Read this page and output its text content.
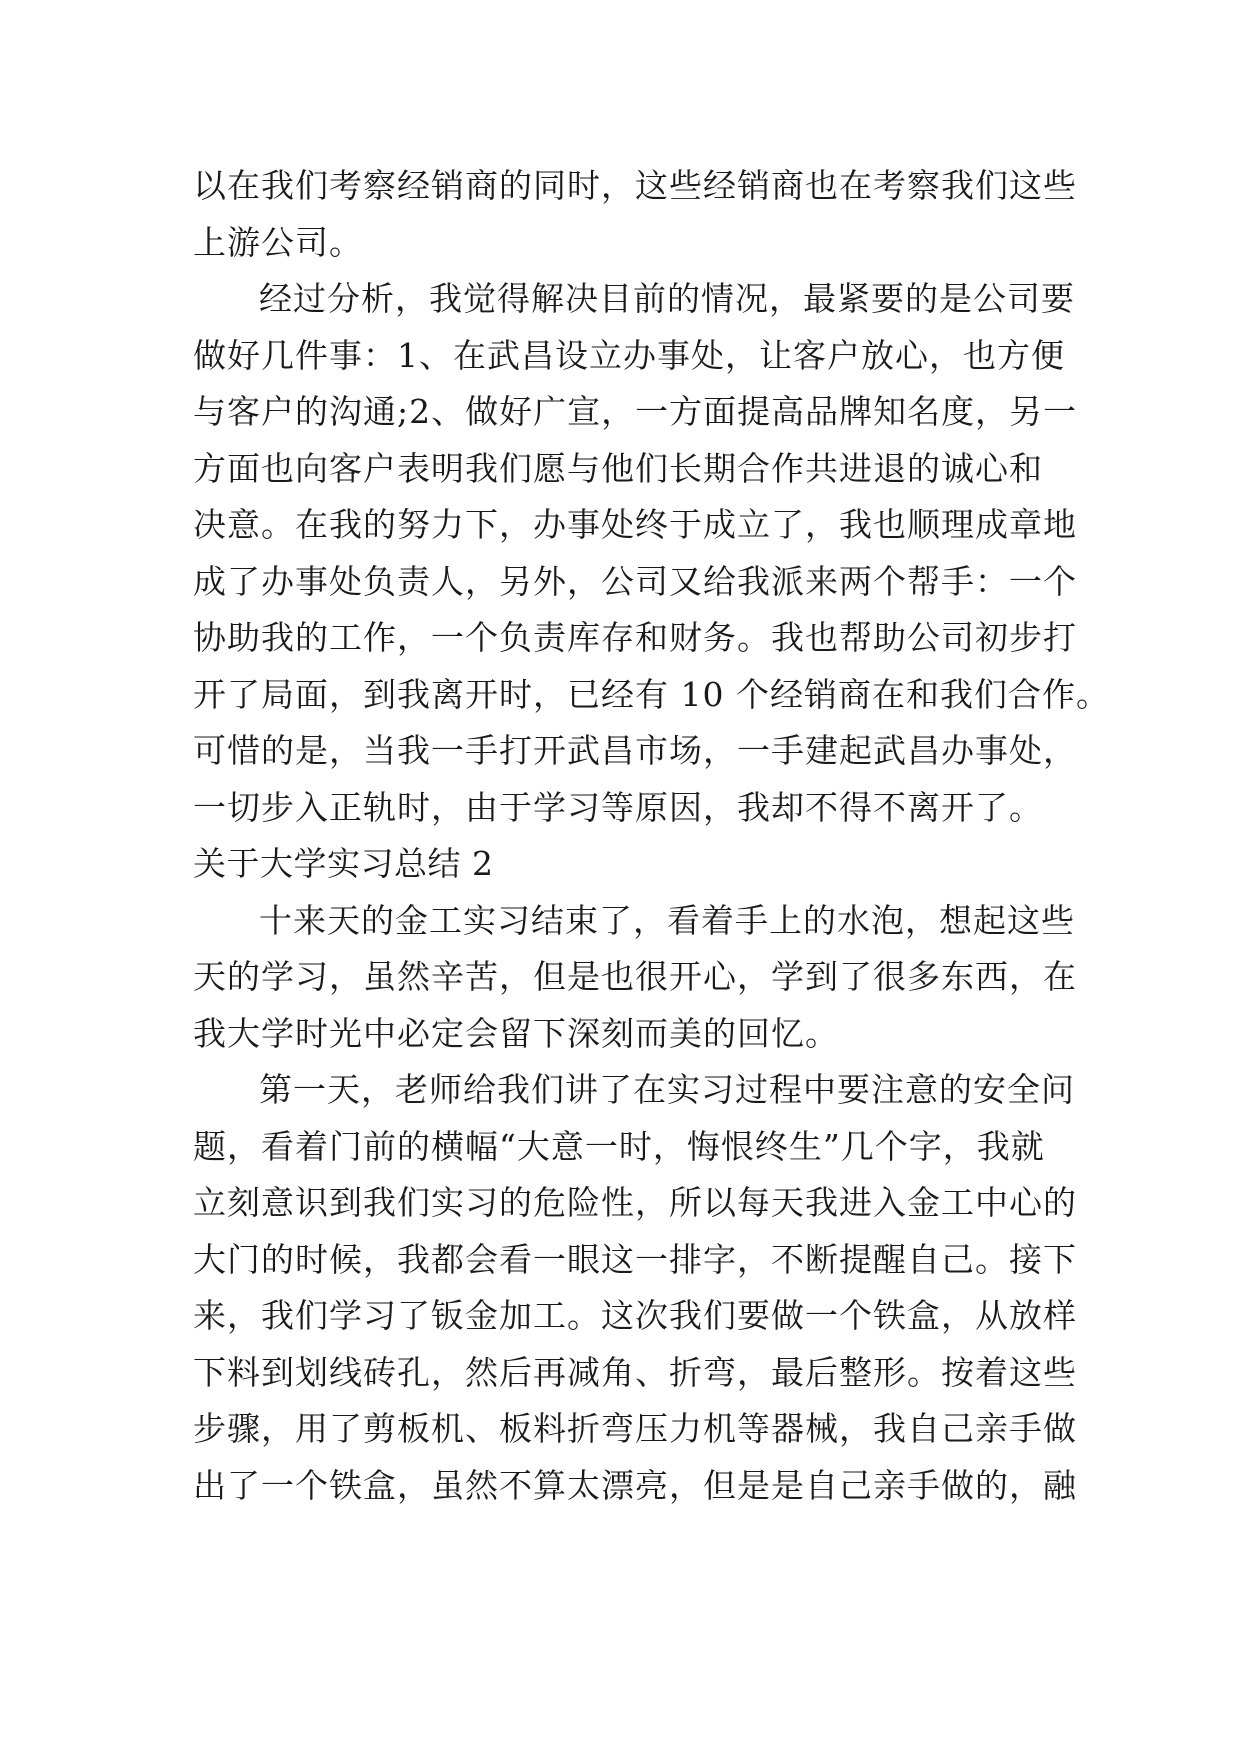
以在我们考察经销商的同时，这些经销商也在考察我们这些
上游公司。
经过分析，我觉得解决目前的情况，最紧要的是公司要
做好几件事：1、在武昌设立办事处，让客户放心，也方便
与客户的沟通;2、做好广宣，一方面提高品牌知名度，另一
方面也向客户表明我们愿与他们长期合作共进退的诚心和
决意。在我的努力下，办事处终于成立了，我也顺理成章地
成了办事处负责人，另外，公司又给我派来两个帮手：一个
协助我的工作，一个负责库存和财务。我也帮助公司初步打
开了局面，到我离开时，已经有 10 个经销商在和我们合作。
可惜的是，当我一手打开武昌市场，一手建起武昌办事处，
一切步入正轨时，由于学习等原因，我却不得不离开了。
关于大学实习总结 2
十来天的金工实习结束了，看着手上的水泡，想起这些
天的学习，虽然辛苦，但是也很开心，学到了很多东西，在
我大学时光中必定会留下深刻而美的回忆。
第一天，老师给我们讲了在实习过程中要注意的安全问
题，看着门前的横幅“大意一时，悔恨终生”几个字，我就
立刻意识到我们实习的危险性，所以每天我进入金工中心的
大门的时候，我都会看一眼这一排字，不断提醒自己。接下
来，我们学习了钣金加工。这次我们要做一个铁盒，从放样
下料到划线砖孔，然后再减角、折弯，最后整形。按着这些
步骤，用了剪板机、板料折弯压力机等器械，我自己亲手做
出了一个铁盒，虽然不算太漂亮，但是是自己亲手做的，融
